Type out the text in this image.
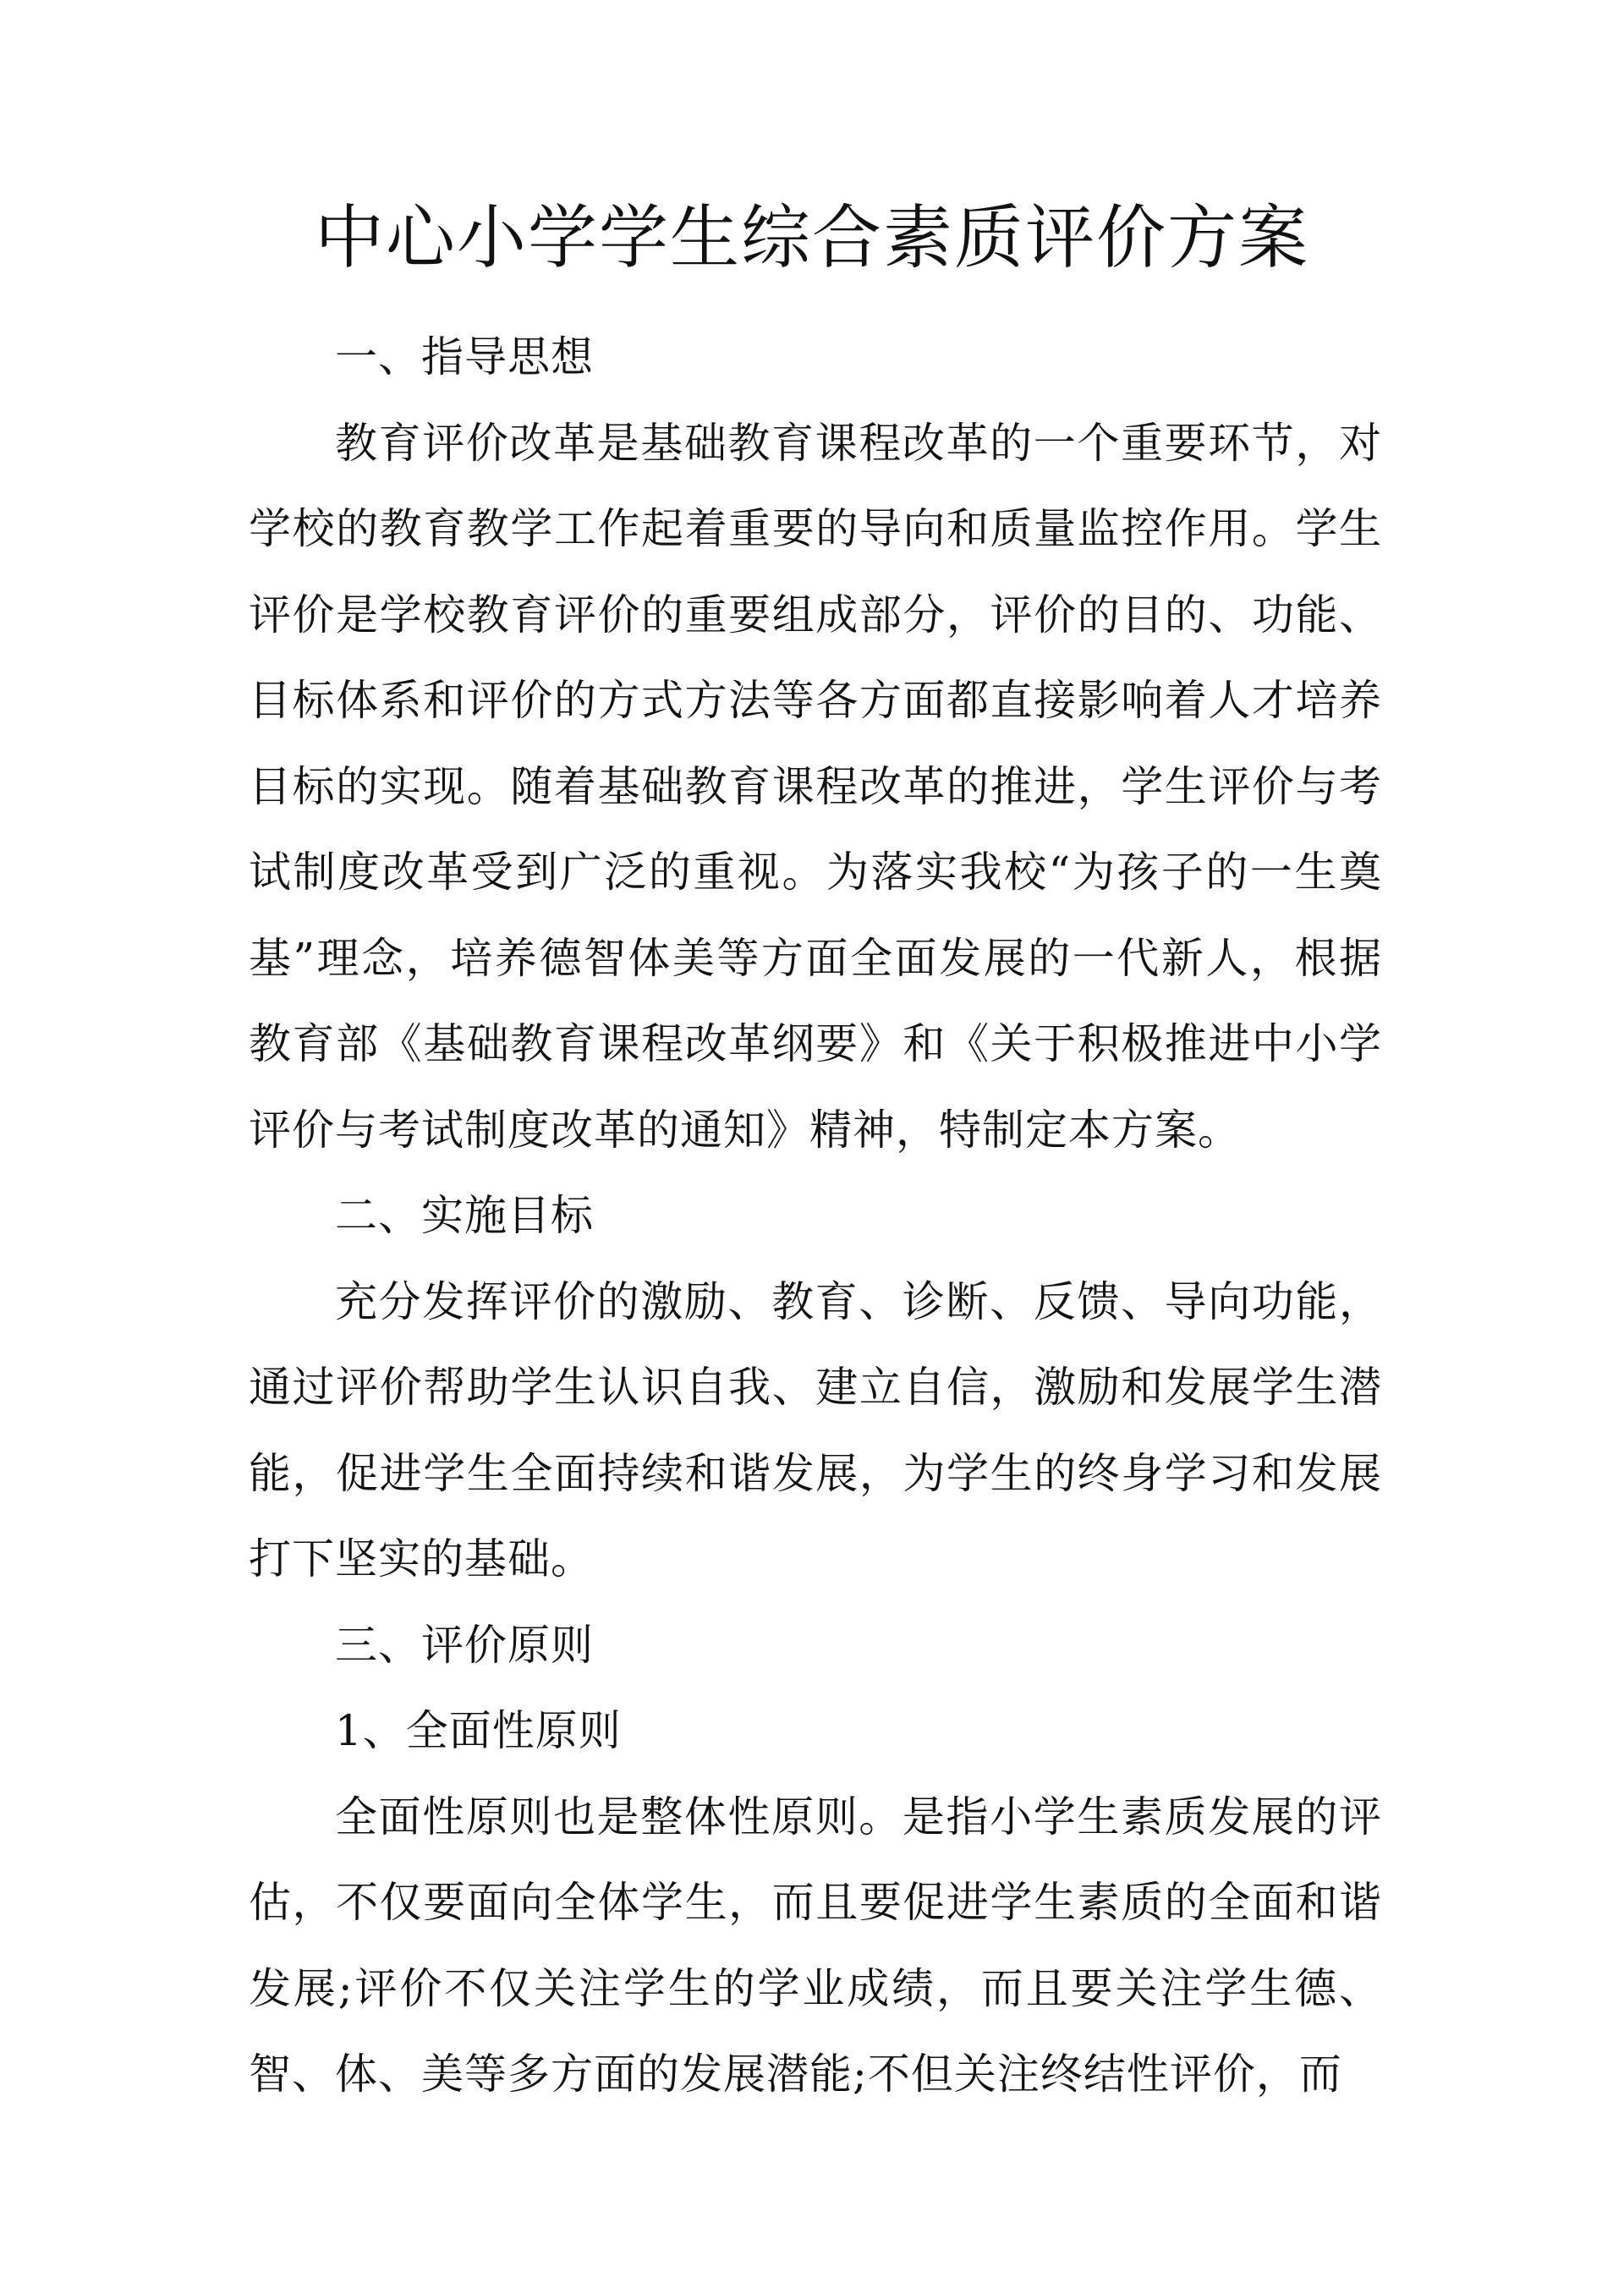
中心小学学生综合素质评价方案

一、指导思想

教育评价改革是基础教育课程改革的一个重要环节，对学校的教育教学工作起着重要的导向和质量监控作用。学生评价是学校教育评价的重要组成部分，评价的目的、功能、目标体系和评价的方式方法等各方面都直接影响着人才培养目标的实现。随着基础教育课程改革的推进，学生评价与考试制度改革受到广泛的重视。为落实我校“为孩子的一生奠基”理念，培养德智体美等方面全面发展的一代新人，根据教育部《基础教育课程改革纲要》和《关于积极推进中小学评价与考试制度改革的通知》精神，特制定本方案。

二、实施目标

充分发挥评价的激励、教育、诊断、反馈、导向功能，通过评价帮助学生认识自我、建立自信，激励和发展学生潜能，促进学生全面持续和谐发展，为学生的终身学习和发展打下坚实的基础。

三、评价原则

1、全面性原则

全面性原则也是整体性原则。是指小学生素质发展的评估，不仅要面向全体学生，而且要促进学生素质的全面和谐发展;评价不仅关注学生的学业成绩，而且要关注学生德、智、体、美等多方面的发展潜能;不但关注终结性评价，而
